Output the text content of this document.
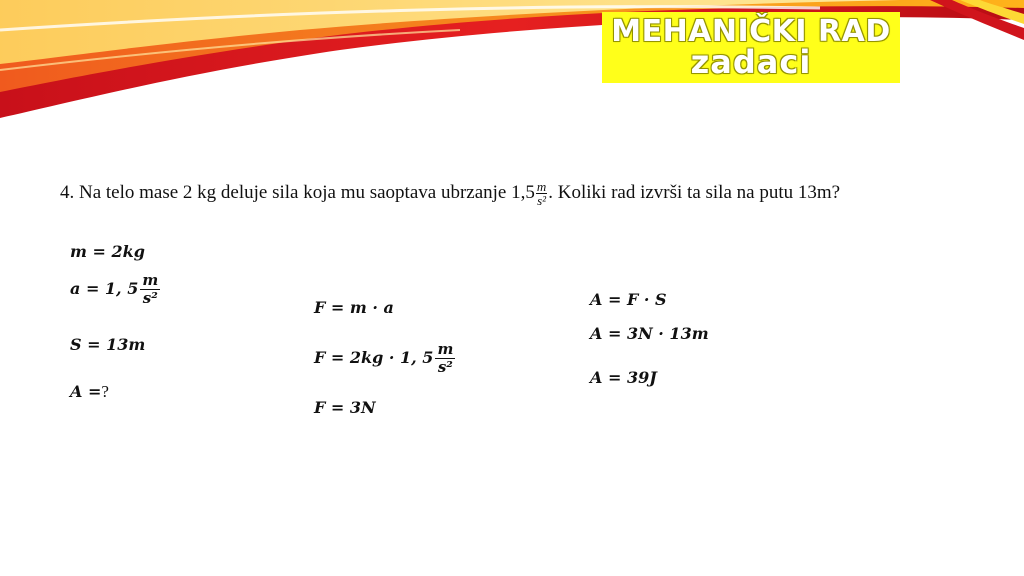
MEHANIČKI RAD
zadaci
4. Na telo mase 2 kg deluje sila koja mu saoptava ubrzanje $1,5 \frac{m}{\text{s²}}$ . Koliki rad izvrši ta sila na putu 13m?
m = 2kg
a = 1, $5 \frac{m}{\text{s²}}$
S = 13m
A =?
F = m · a
F = 2kg · 1, $5 \frac{m}{\text{s²}}$
F = 3N
A = F · S
A = 3N · 13m
A = 39J
